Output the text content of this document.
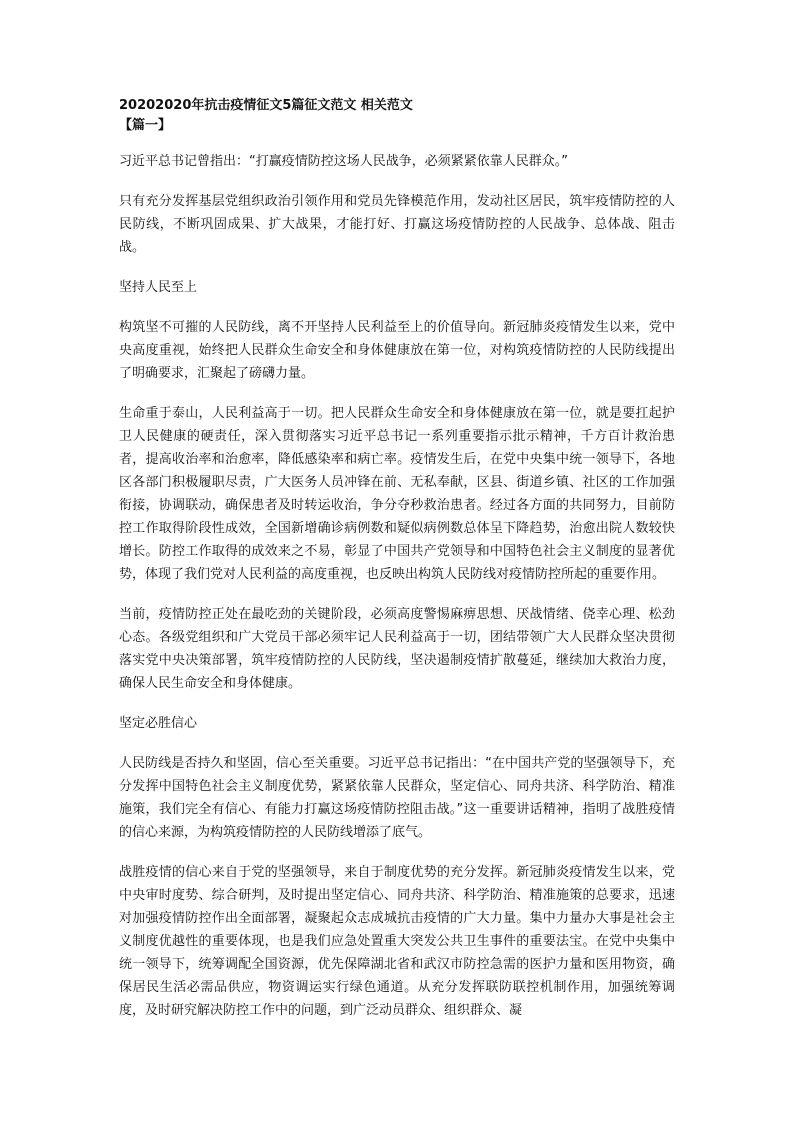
20202020年抗击疫情征文5篇征文范文 相关范文
【篇一】
习近平总书记曾指出：“打赢疫情防控这场人民战争，必须紧紧依靠人民群众。”
只有充分发挥基层党组织政治引领作用和党员先锋模范作用，发动社区居民，筑牢疫情防控的人民防线，不断巩固成果、扩大战果，才能打好、打赢这场疫情防控的人民战争、总体战、阻击战。
坚持人民至上
构筑坚不可摧的人民防线，离不开坚持人民利益至上的价值导向。新冠肺炎疫情发生以来，党中央高度重视，始终把人民群众生命安全和身体健康放在第一位，对构筑疫情防控的人民防线提出了明确要求，汇聚起了磅礴力量。
生命重于泰山，人民利益高于一切。把人民群众生命安全和身体健康放在第一位，就是要扛起护卫人民健康的硬责任，深入贯彻落实习近平总书记一系列重要指示批示精神，千方百计救治患者，提高收治率和治愈率，降低感染率和病亡率。疫情发生后，在党中央集中统一领导下，各地区各部门积极履职尽责，广大医务人员冲锋在前、无私奉献，区县、街道乡镇、社区的工作加强衔接，协调联动，确保患者及时转运收治，争分夺秒救治患者。经过各方面的共同努力，目前防控工作取得阶段性成效，全国新增确诊病例数和疑似病例数总体呈下降趋势，治愈出院人数较快增长。防控工作取得的成效来之不易，彰显了中国共产党领导和中国特色社会主义制度的显著优势，体现了我们党对人民利益的高度重视，也反映出构筑人民防线对疫情防控所起的重要作用。
当前，疫情防控正处在最吃劲的关键阶段，必须高度警惕麻痹思想、厌战情绪、侥幸心理、松劲心态。各级党组织和广大党员干部必须牢记人民利益高于一切，团结带领广大人民群众坚决贯彻落实党中央决策部署，筑牢疫情防控的人民防线，坚决遏制疫情扩散蔓延，继续加大救治力度，确保人民生命安全和身体健康。
坚定必胜信心
人民防线是否持久和坚固，信心至关重要。习近平总书记指出：“在中国共产党的坚强领导下，充分发挥中国特色社会主义制度优势，紧紧依靠人民群众，坚定信心、同舟共济、科学防治、精准施策，我们完全有信心、有能力打赢这场疫情防控阻击战。”这一重要讲话精神，指明了战胜疫情的信心来源，为构筑疫情防控的人民防线增添了底气。
战胜疫情的信心来自于党的坚强领导，来自于制度优势的充分发挥。新冠肺炎疫情发生以来，党中央审时度势、综合研判，及时提出坚定信心、同舟共济、科学防治、精准施策的总要求，迅速对加强疫情防控作出全面部署，凝聚起众志成城抗击疫情的广大力量。集中力量办大事是社会主义制度优越性的重要体现，也是我们应急处置重大突发公共卫生事件的重要法宝。在党中央集中统一领导下，统筹调配全国资源，优先保障湖北省和武汉市防控急需的医护力量和医用物资，确保居民生活必需品供应，物资调运实行绿色通道。从充分发挥联防联控机制作用，加强统筹调度，及时研究解决防控工作中的问题，到广泛动员群众、组织群众、凝
